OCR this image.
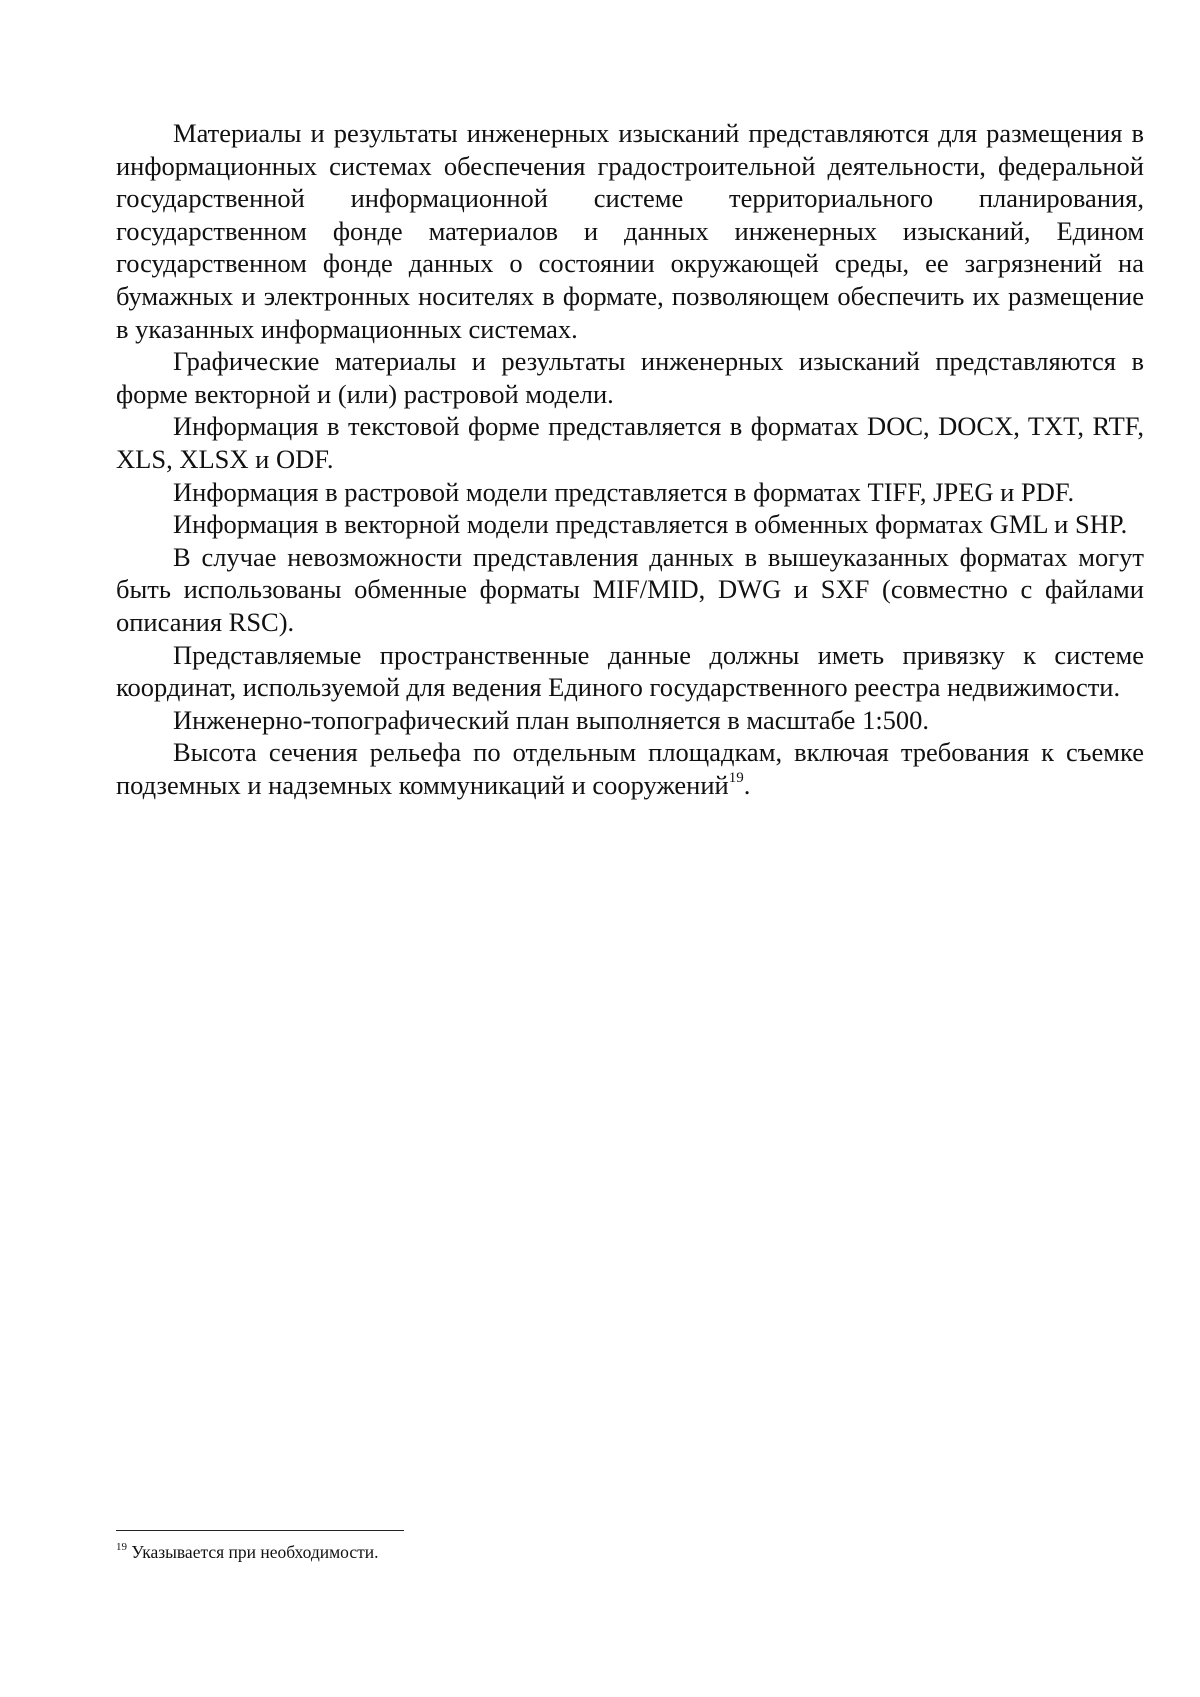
Материалы и результаты инженерных изысканий представляются для размещения в информационных системах обеспечения градостроительной деятельности, федеральной государственной информационной системе территориального планирования, государственном фонде материалов и данных инженерных изысканий, Едином государственном фонде данных о состоянии окружающей среды, ее загрязнений на бумажных и электронных носителях в формате, позволяющем обеспечить их размещение в указанных информационных системах.

Графические материалы и результаты инженерных изысканий представляются в форме векторной и (или) растровой модели.

Информация в текстовой форме представляется в форматах DOC, DOCX, TXT, RTF, XLS, XLSX и ODF.

Информация в растровой модели представляется в форматах TIFF, JPEG и PDF.

Информация в векторной модели представляется в обменных форматах GML и SHP.

В случае невозможности представления данных в вышеуказанных форматах могут быть использованы обменные форматы MIF/MID, DWG и SXF (совместно с файлами описания RSC).

Представляемые пространственные данные должны иметь привязку к системе координат, используемой для ведения Единого государственного реестра недвижимости.

Инженерно-топографический план выполняется в масштабе 1:500.

Высота сечения рельефа по отдельным площадкам, включая требования к съемке подземных и надземных коммуникаций и сооружений$^{19}$.

$^{19}$ Указывается при необходимости.
